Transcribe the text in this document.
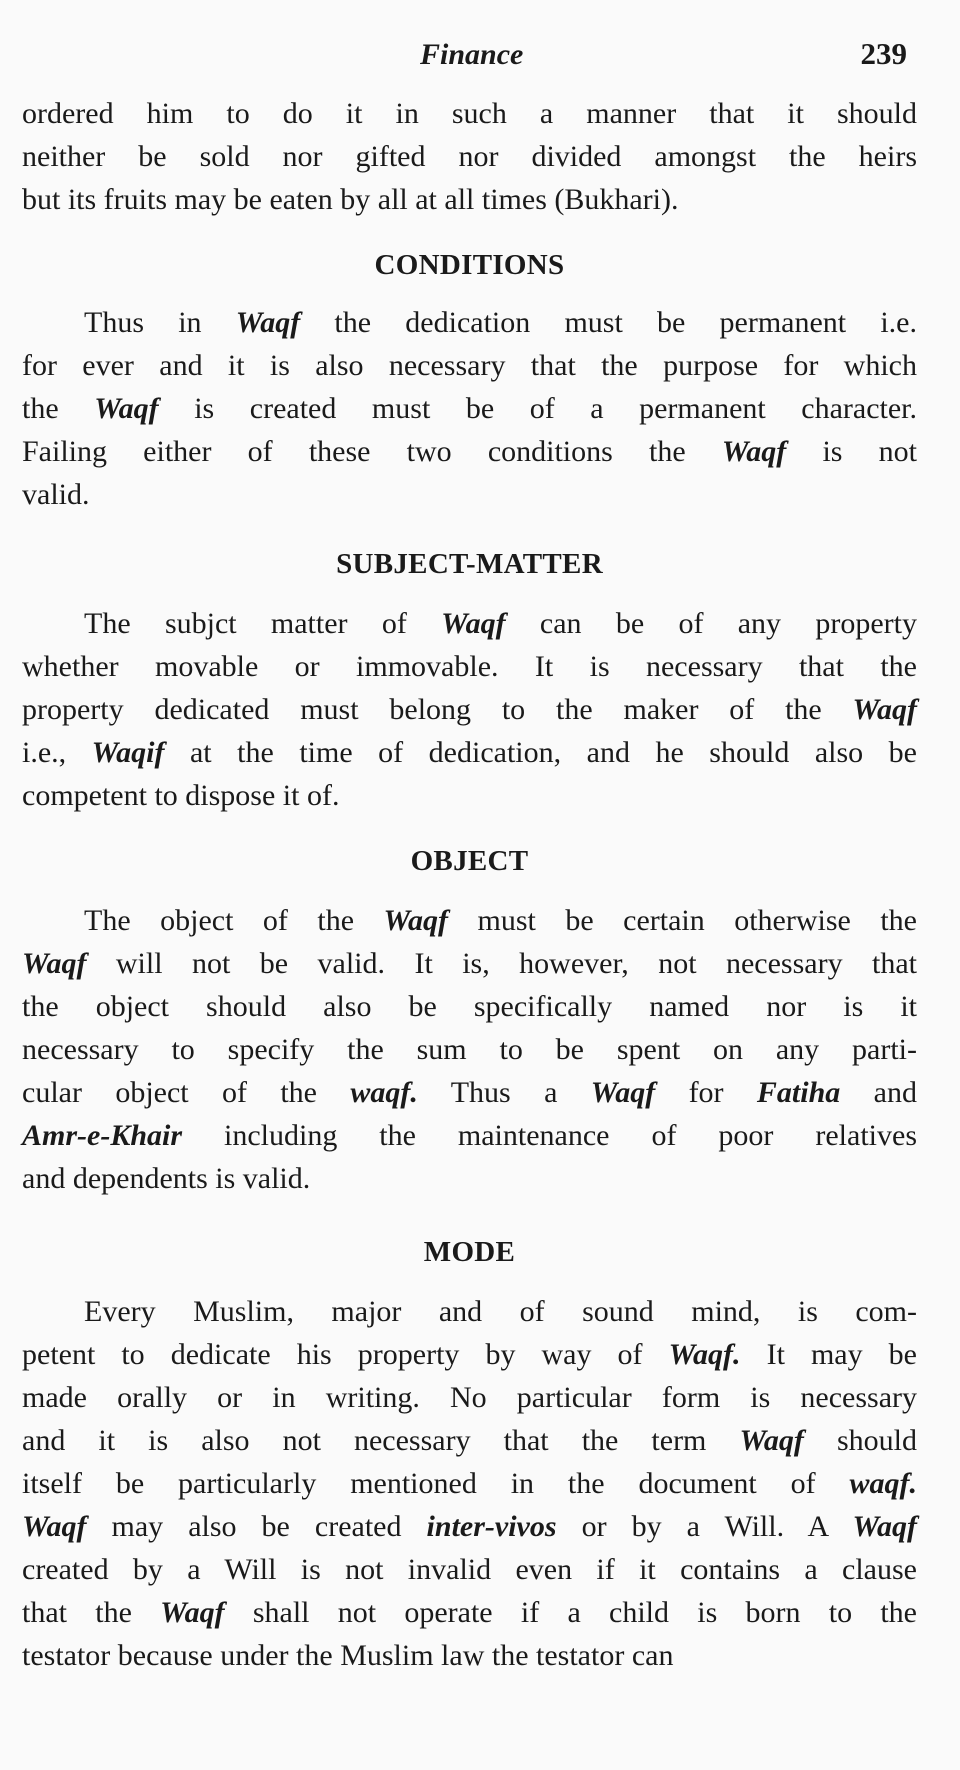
Finance	239

ordered him to do it in such a manner that it should

neither be sold nor gifted nor divided amongst the heirs

but its fruits may be eaten by all at all times (Bukhari).

CONDITIONS

Thus in Waqf the dedication must be permanent i.e.

for ever and it is also necessary that the purpose for which

the Waqf is created must be of a permanent character.

Failing either of these two conditions the Waqf is not

valid.

SUBJECT-MATTER

The subjct matter of Waqf can be of any property

whether movable or immovable. It is necessary that the

property dedicated must belong to the maker of the Waqf

i.e., Waqif at the time of dedication, and he should also be

competent to dispose it of.

OBJECT

The object of the Waqf must be certain otherwise the

Waqf will not be valid. It is, however, not necessary that

the object should also be specifically named nor is it

necessary to specify the sum to be spent on any parti-

cular object of the waqf. Thus a Waqf for Fatiha and

Amr-e-Khair including the maintenance of poor relatives

and dependents is valid.

MODE

Every Muslim, major and of sound mind, is com-

petent to dedicate his property by way of Waqf. It may be

made orally or in writing. No particular form is necessary

and it is also not necessary that the term Waqf should

itself be particularly mentioned in the document of waqf.

Waqf may also be created inter-vivos or by a Will. A Waqf

created by a Will is not invalid even if it contains a clause

that the Waqf shall not operate if a child is born to the

testator because under the Muslim law the testator can
